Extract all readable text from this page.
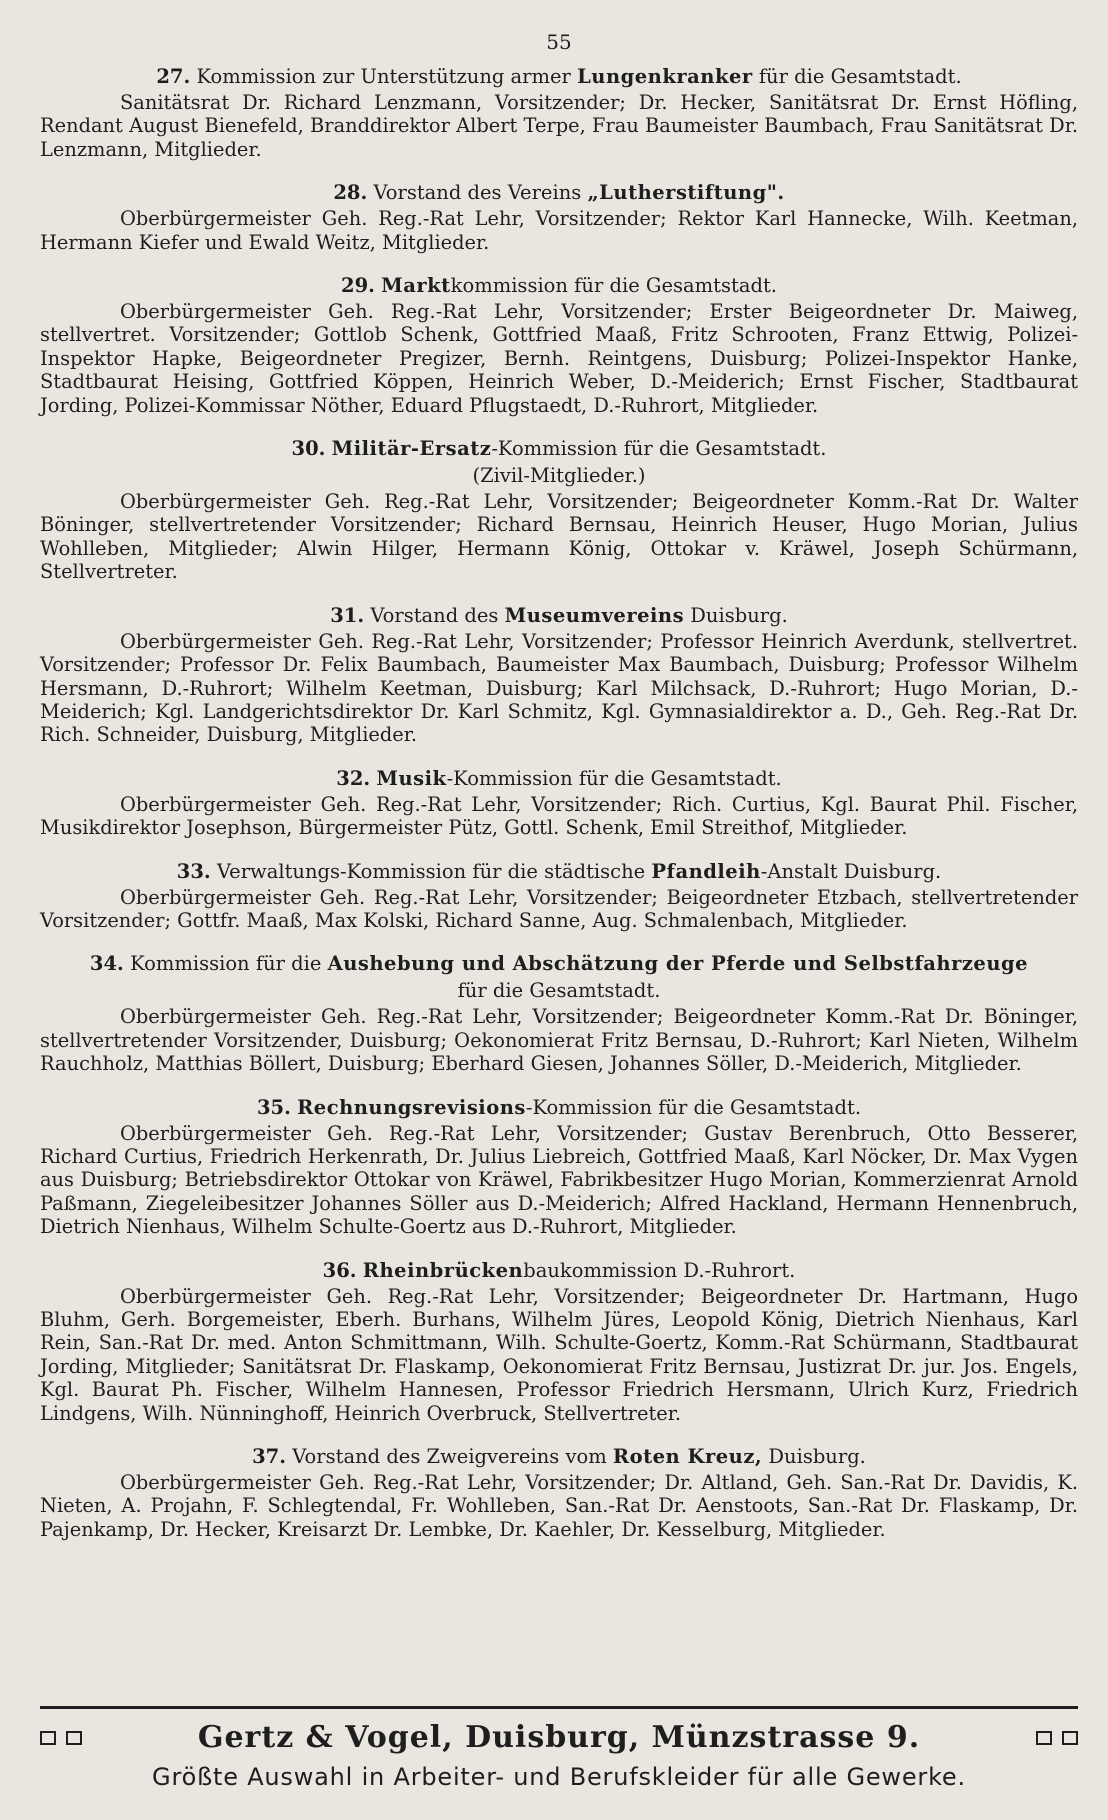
55

27. Kommission zur Unterstützung armer Lungenkranker für die Gesamtstadt.

Sanitätsrat Dr. Richard Lenzmann, Vorsitzender; Dr. Hecker, Sanitätsrat Dr. Ernst Höfling, Rendant August Bienefeld, Branddirektor Albert Terpe, Frau Baumeister Baumbach, Frau Sanitätsrat Dr. Lenzmann, Mitglieder.

28. Vorstand des Vereins „Lutherstiftung".

Oberbürgermeister Geh. Reg.-Rat Lehr, Vorsitzender; Rektor Karl Hannecke, Wilh. Keetman, Hermann Kiefer und Ewald Weitz, Mitglieder.

29. Marktkommission für die Gesamtstadt.

Oberbürgermeister Geh. Reg.-Rat Lehr, Vorsitzender; Erster Beigeordneter Dr. Maiweg, stellvertret. Vorsitzender; Gottlob Schenk, Gottfried Maaß, Fritz Schrooten, Franz Ettwig, Polizei-Inspektor Hapke, Beigeordneter Pregizer, Bernh. Reintgens, Duisburg; Polizei-Inspektor Hanke, Stadtbaurat Heising, Gottfried Köppen, Heinrich Weber, D.-Meiderich; Ernst Fischer, Stadtbaurat Jording, Polizei-Kommissar Nöther, Eduard Pflugstaedt, D.-Ruhrort, Mitglieder.

30. Militär-Ersatz-Kommission für die Gesamtstadt.

(Zivil-Mitglieder.)

Oberbürgermeister Geh. Reg.-Rat Lehr, Vorsitzender; Beigeordneter Komm.-Rat Dr. Walter Böninger, stellvertretender Vorsitzender; Richard Bernsau, Heinrich Heuser, Hugo Morian, Julius Wohlleben, Mitglieder; Alwin Hilger, Hermann König, Ottokar v. Kräwel, Joseph Schürmann, Stellvertreter.

31. Vorstand des Museumvereins Duisburg.

Oberbürgermeister Geh. Reg.-Rat Lehr, Vorsitzender; Professor Heinrich Averdunk, stellvertret. Vorsitzender; Professor Dr. Felix Baumbach, Baumeister Max Baumbach, Duisburg; Professor Wilhelm Hersmann, D.-Ruhrort; Wilhelm Keetman, Duisburg; Karl Milchsack, D.-Ruhrort; Hugo Morian, D.-Meiderich; Kgl. Landgerichtsdirektor Dr. Karl Schmitz, Kgl. Gymnasialdirektor a. D., Geh. Reg.-Rat Dr. Rich. Schneider, Duisburg, Mitglieder.

32. Musik-Kommission für die Gesamtstadt.

Oberbürgermeister Geh. Reg.-Rat Lehr, Vorsitzender; Rich. Curtius, Kgl. Baurat Phil. Fischer, Musikdirektor Josephson, Bürgermeister Pütz, Gottl. Schenk, Emil Streithof, Mitglieder.

33. Verwaltungs-Kommission für die städtische Pfandleih-Anstalt Duisburg.

Oberbürgermeister Geh. Reg.-Rat Lehr, Vorsitzender; Beigeordneter Etzbach, stellvertretender Vorsitzender; Gottfr. Maaß, Max Kolski, Richard Sanne, Aug. Schmalenbach, Mitglieder.

34. Kommission für die Aushebung und Abschätzung der Pferde und Selbstfahrzeuge

für die Gesamtstadt.

Oberbürgermeister Geh. Reg.-Rat Lehr, Vorsitzender; Beigeordneter Komm.-Rat Dr. Böninger, stellvertretender Vorsitzender, Duisburg; Oekonomierat Fritz Bernsau, D.-Ruhrort; Karl Nieten, Wilhelm Rauchholz, Matthias Böllert, Duisburg; Eberhard Giesen, Johannes Söller, D.-Meiderich, Mitglieder.

35. Rechnungsrevisions-Kommission für die Gesamtstadt.

Oberbürgermeister Geh. Reg.-Rat Lehr, Vorsitzender; Gustav Berenbruch, Otto Besserer, Richard Curtius, Friedrich Herkenrath, Dr. Julius Liebreich, Gottfried Maaß, Karl Nöcker, Dr. Max Vygen aus Duisburg; Betriebsdirektor Ottokar von Kräwel, Fabrikbesitzer Hugo Morian, Kommerzienrat Arnold Paßmann, Ziegeleibesitzer Johannes Söller aus D.-Meiderich; Alfred Hackland, Hermann Hennenbruch, Dietrich Nienhaus, Wilhelm Schulte-Goertz aus D.-Ruhrort, Mitglieder.

36. Rheinbrückenbaukommission D.-Ruhrort.

Oberbürgermeister Geh. Reg.-Rat Lehr, Vorsitzender; Beigeordneter Dr. Hartmann, Hugo Bluhm, Gerh. Borgemeister, Eberh. Burhans, Wilhelm Jüres, Leopold König, Dietrich Nienhaus, Karl Rein, San.-Rat Dr. med. Anton Schmittmann, Wilh. Schulte-Goertz, Komm.-Rat Schürmann, Stadtbaurat Jording, Mitglieder; Sanitätsrat Dr. Flaskamp, Oekonomierat Fritz Bernsau, Justizrat Dr. jur. Jos. Engels, Kgl. Baurat Ph. Fischer, Wilhelm Hannesen, Professor Friedrich Hersmann, Ulrich Kurz, Friedrich Lindgens, Wilh. Nünninghoff, Heinrich Overbruck, Stellvertreter.

37. Vorstand des Zweigvereins vom Roten Kreuz, Duisburg.

Oberbürgermeister Geh. Reg.-Rat Lehr, Vorsitzender; Dr. Altland, Geh. San.-Rat Dr. Davidis, K. Nieten, A. Projahn, F. Schlegtendal, Fr. Wohlleben, San.-Rat Dr. Aenstoots, San.-Rat Dr. Flaskamp, Dr. Pajenkamp, Dr. Hecker, Kreisarzt Dr. Lembke, Dr. Kaehler, Dr. Kesselburg, Mitglieder.

Gertz & Vogel, Duisburg, Münzstrasse 9.
Größte Auswahl in Arbeiter- und Berufskleider für alle Gewerke.
